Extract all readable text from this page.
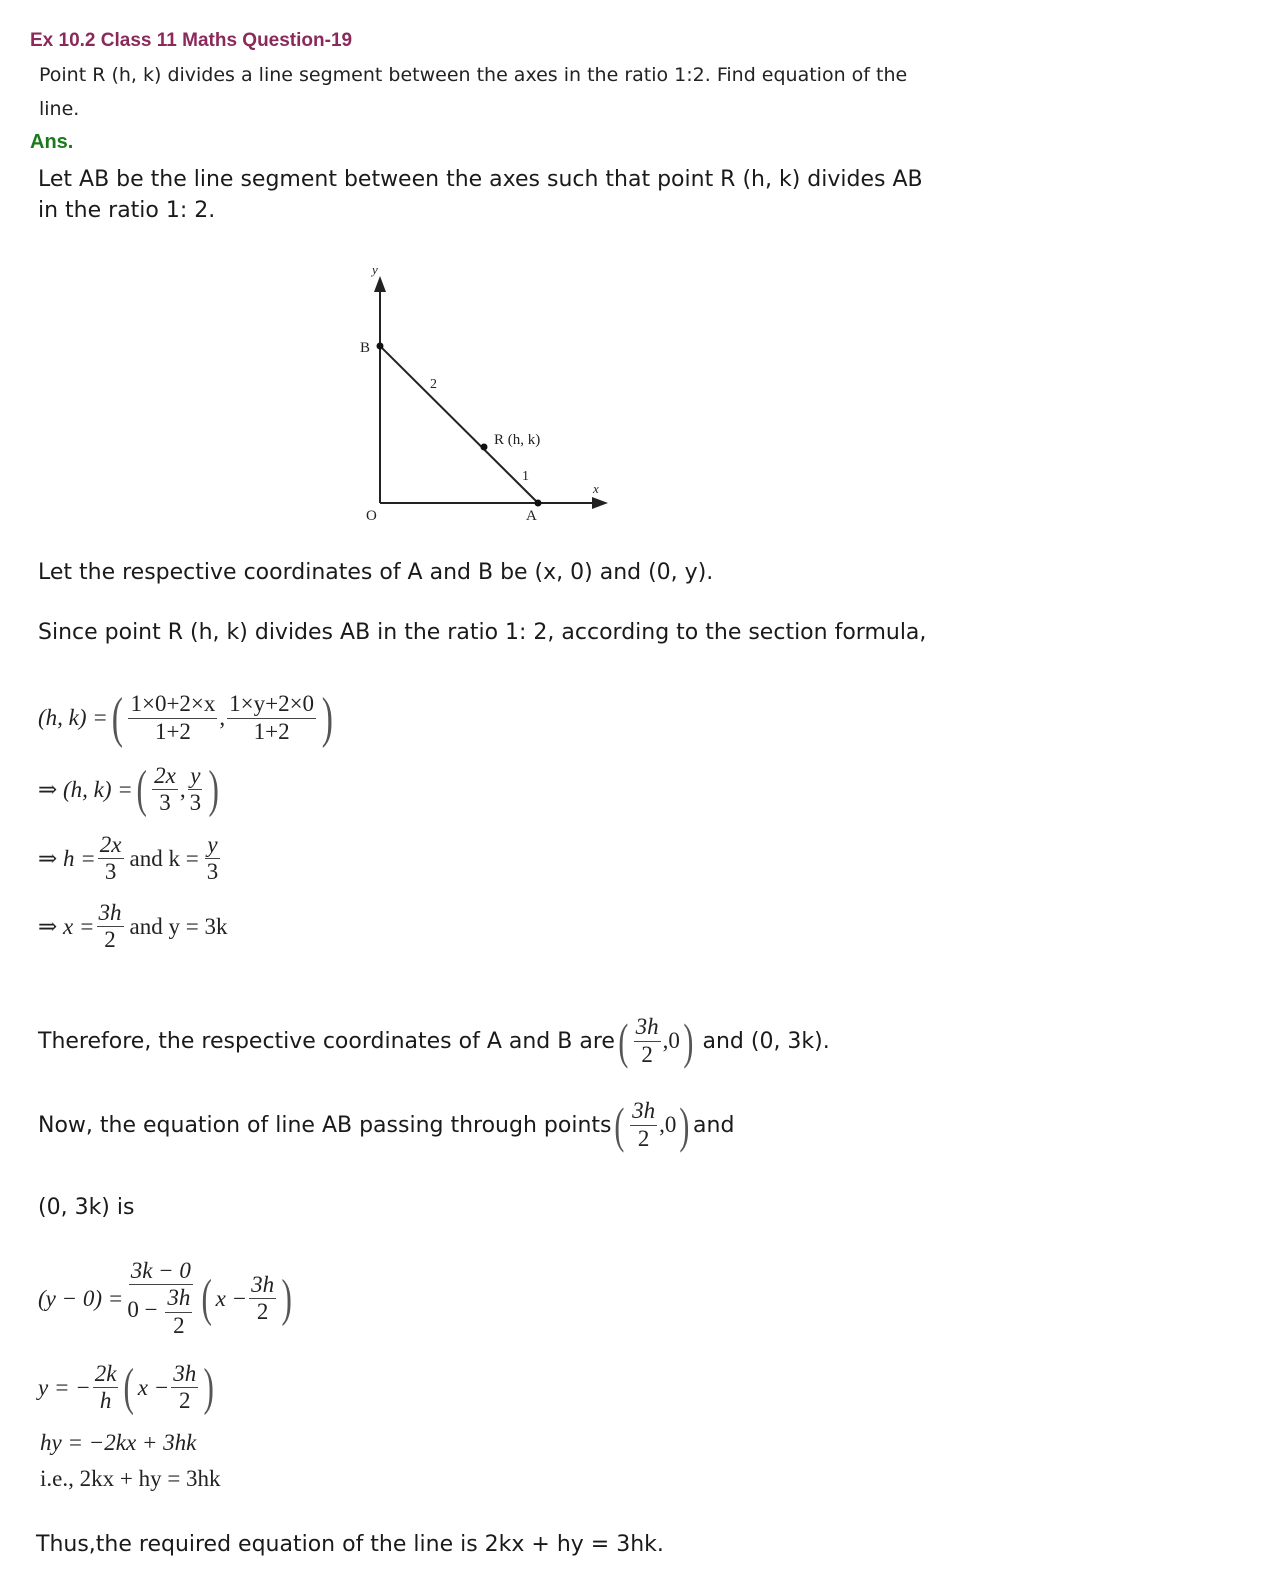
Ex 10.2 Class 11 Maths Question-19
Point R (h, k) divides a line segment between the axes in the ratio 1:2. Find equation of the
line.
Ans.
Let AB be the line segment between the axes such that point R (h, k) divides AB
in the ratio 1: 2.
y
x
O	A
B
R (h, k)
2
1
Let the respective coordinates of A and B be (x, 0) and (0, y).
Since point R (h, k) divides AB in the ratio 1: 2, according to the section formula,
(h, k) = ( $\frac{1\times 0+2\times x}{1+2}$ , $\frac{1\times y+2\times 0}{1+2}$ )
⇒ (h, k) = ( $\frac{2x}{3}$ , $\frac{y}{3}$ )
⇒ $h = \frac{2x}{3}$ and $k = \frac{y}{3}$
⇒ $x = \frac{3h}{2}$ and y = 3k
Therefore, the respective coordinates of A and B are ( $\frac{3h}{2} ,0$ ) and (0, 3k).
Now, the equation of line AB passing through points ( $\frac{3h}{2} ,0$ ) and
(0, 3k) is
$(y - 0) = \frac{3k - 0}{0 - \frac{3h}{2}}$ ( $x - \frac{3h}{2}$ )
y = − $\frac{2k}{h}$ ( $x - \frac{3h}{2}$ )
hy = −2kx + 3hk
i.e., 2kx + hy = 3hk
Thus,the required equation of the line is 2kx + hy = 3hk.
